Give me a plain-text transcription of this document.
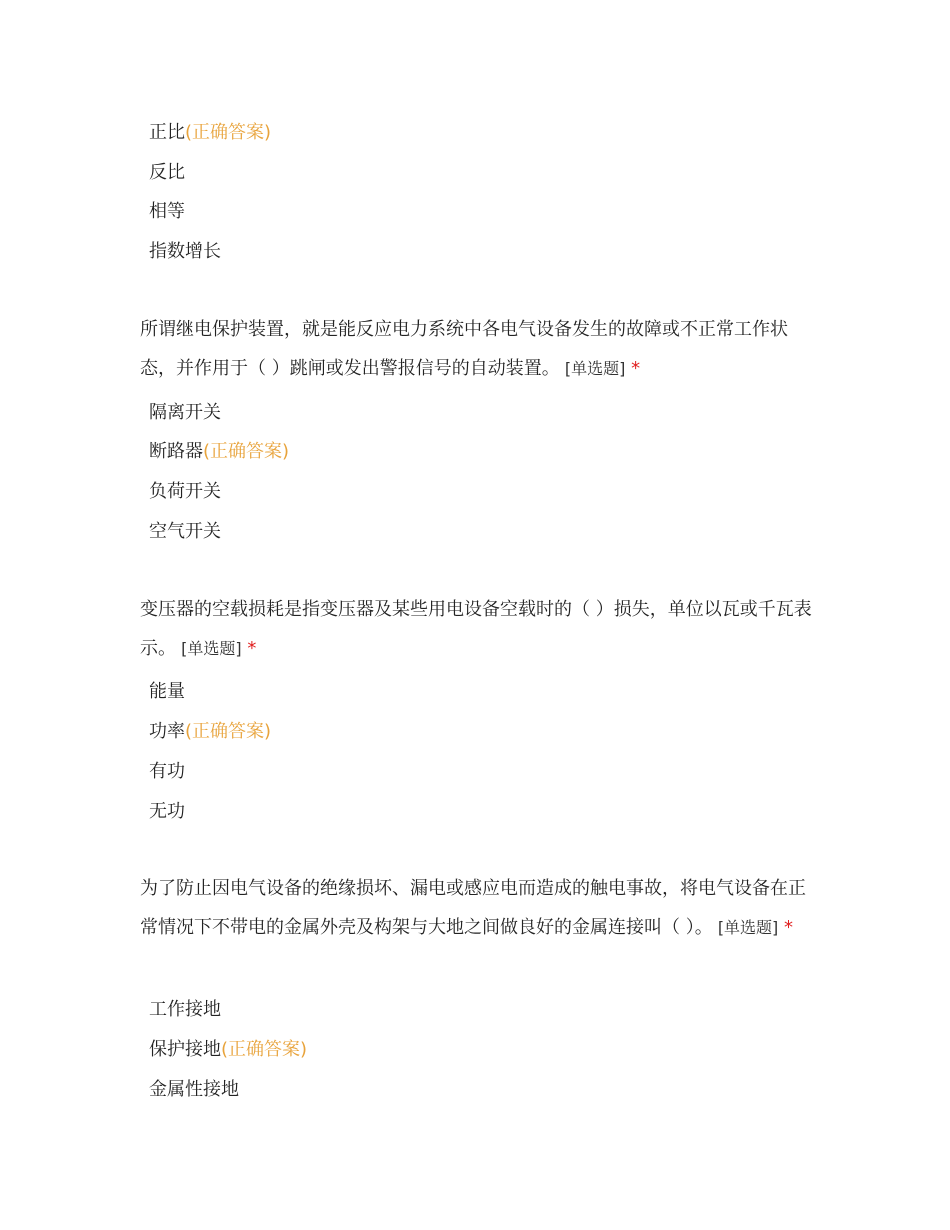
正比(正确答案)
反比
相等
指数增长
所谓继电保护装置，就是能反应电力系统中各电气设备发生的故障或不正常工作状态，并作用于（ ）跳闸或发出警报信号的自动装置。 [单选题] *
隔离开关
断路器(正确答案)
负荷开关
空气开关
变压器的空载损耗是指变压器及某些用电设备空载时的（ ）损失，单位以瓦或千瓦表示。 [单选题] *
能量
功率(正确答案)
有功
无功
为了防止因电气设备的绝缘损坏、漏电或感应电而造成的触电事故，将电气设备在正常情况下不带电的金属外壳及构架与大地之间做良好的金属连接叫（ ）。 [单选题] *
工作接地
保护接地(正确答案)
金属性接地
